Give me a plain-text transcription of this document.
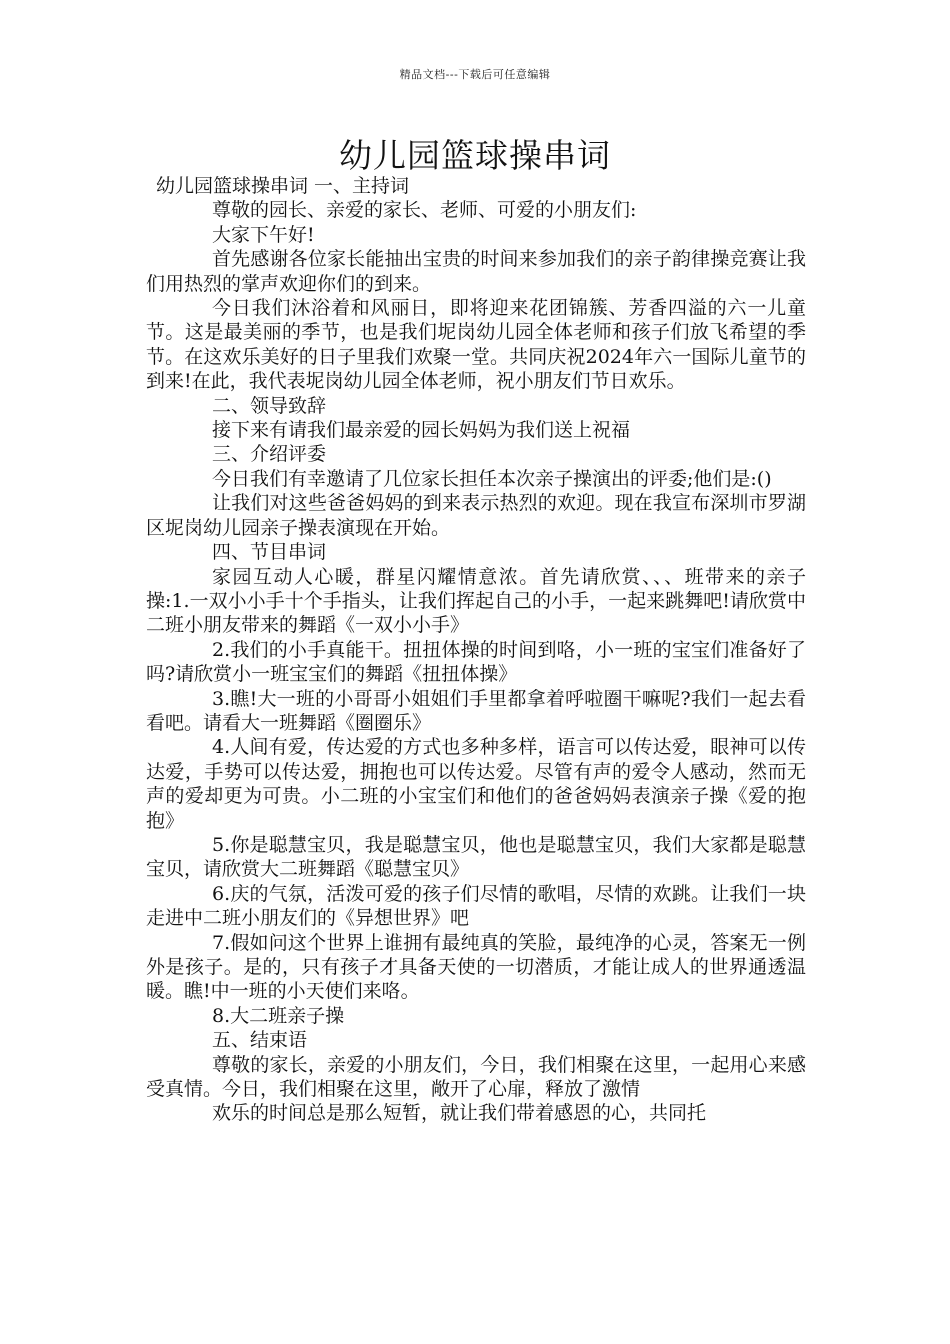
精品文档---下载后可任意编辑
幼儿园篮球操串词

幼儿园篮球操串词 一、主持词

尊敬的园长、亲爱的家长、老师、可爱的小朋友们:

大家下午好!

首先感谢各位家长能抽出宝贵的时间来参加我们的亲子韵律操竞赛让我们用热烈的掌声欢迎你们的到来。

今日我们沐浴着和风丽日，即将迎来花团锦簇、芳香四溢的六一儿童节。这是最美丽的季节，也是我们坭岗幼儿园全体老师和孩子们放飞希望的季节。在这欢乐美好的日子里我们欢聚一堂。共同庆祝2024年六一国际儿童节的到来!在此，我代表坭岗幼儿园全体老师，祝小朋友们节日欢乐。

二、领导致辞

接下来有请我们最亲爱的园长妈妈为我们送上祝福

三、介绍评委

今日我们有幸邀请了几位家长担任本次亲子操演出的评委;他们是:()

让我们对这些爸爸妈妈的到来表示热烈的欢迎。现在我宣布深圳市罗湖区坭岗幼儿园亲子操表演现在开始。

四、节目串词

家园互动人心暖，群星闪耀情意浓。首先请欣赏、、、班带来的亲子操:1.一双小小手十个手指头，让我们挥起自己的小手，一起来跳舞吧!请欣赏中二班小朋友带来的舞蹈《一双小小手》

2.我们的小手真能干。扭扭体操的时间到咯，小一班的宝宝们准备好了吗?请欣赏小一班宝宝们的舞蹈《扭扭体操》

3.瞧!大一班的小哥哥小姐姐们手里都拿着呼啦圈干嘛呢?我们一起去看看吧。请看大一班舞蹈《圈圈乐》

4.人间有爱，传达爱的方式也多种多样，语言可以传达爱，眼神可以传达爱，手势可以传达爱，拥抱也可以传达爱。尽管有声的爱令人感动，然而无声的爱却更为可贵。小二班的小宝宝们和他们的爸爸妈妈表演亲子操《爱的抱抱》

5.你是聪慧宝贝，我是聪慧宝贝，他也是聪慧宝贝，我们大家都是聪慧宝贝，请欣赏大二班舞蹈《聪慧宝贝》

6.庆的气氛，活泼可爱的孩子们尽情的歌唱，尽情的欢跳。让我们一块走进中二班小朋友们的《异想世界》吧

7.假如问这个世界上谁拥有最纯真的笑脸，最纯净的心灵，答案无一例外是孩子。是的，只有孩子才具备天使的一切潜质，才能让成人的世界通透温暖。瞧!中一班的小天使们来咯。

8.大二班亲子操

五、结束语

尊敬的家长，亲爱的小朋友们，今日，我们相聚在这里，一起用心来感受真情。今日，我们相聚在这里，敞开了心扉，释放了激情

欢乐的时间总是那么短暂，就让我们带着感恩的心，共同托
